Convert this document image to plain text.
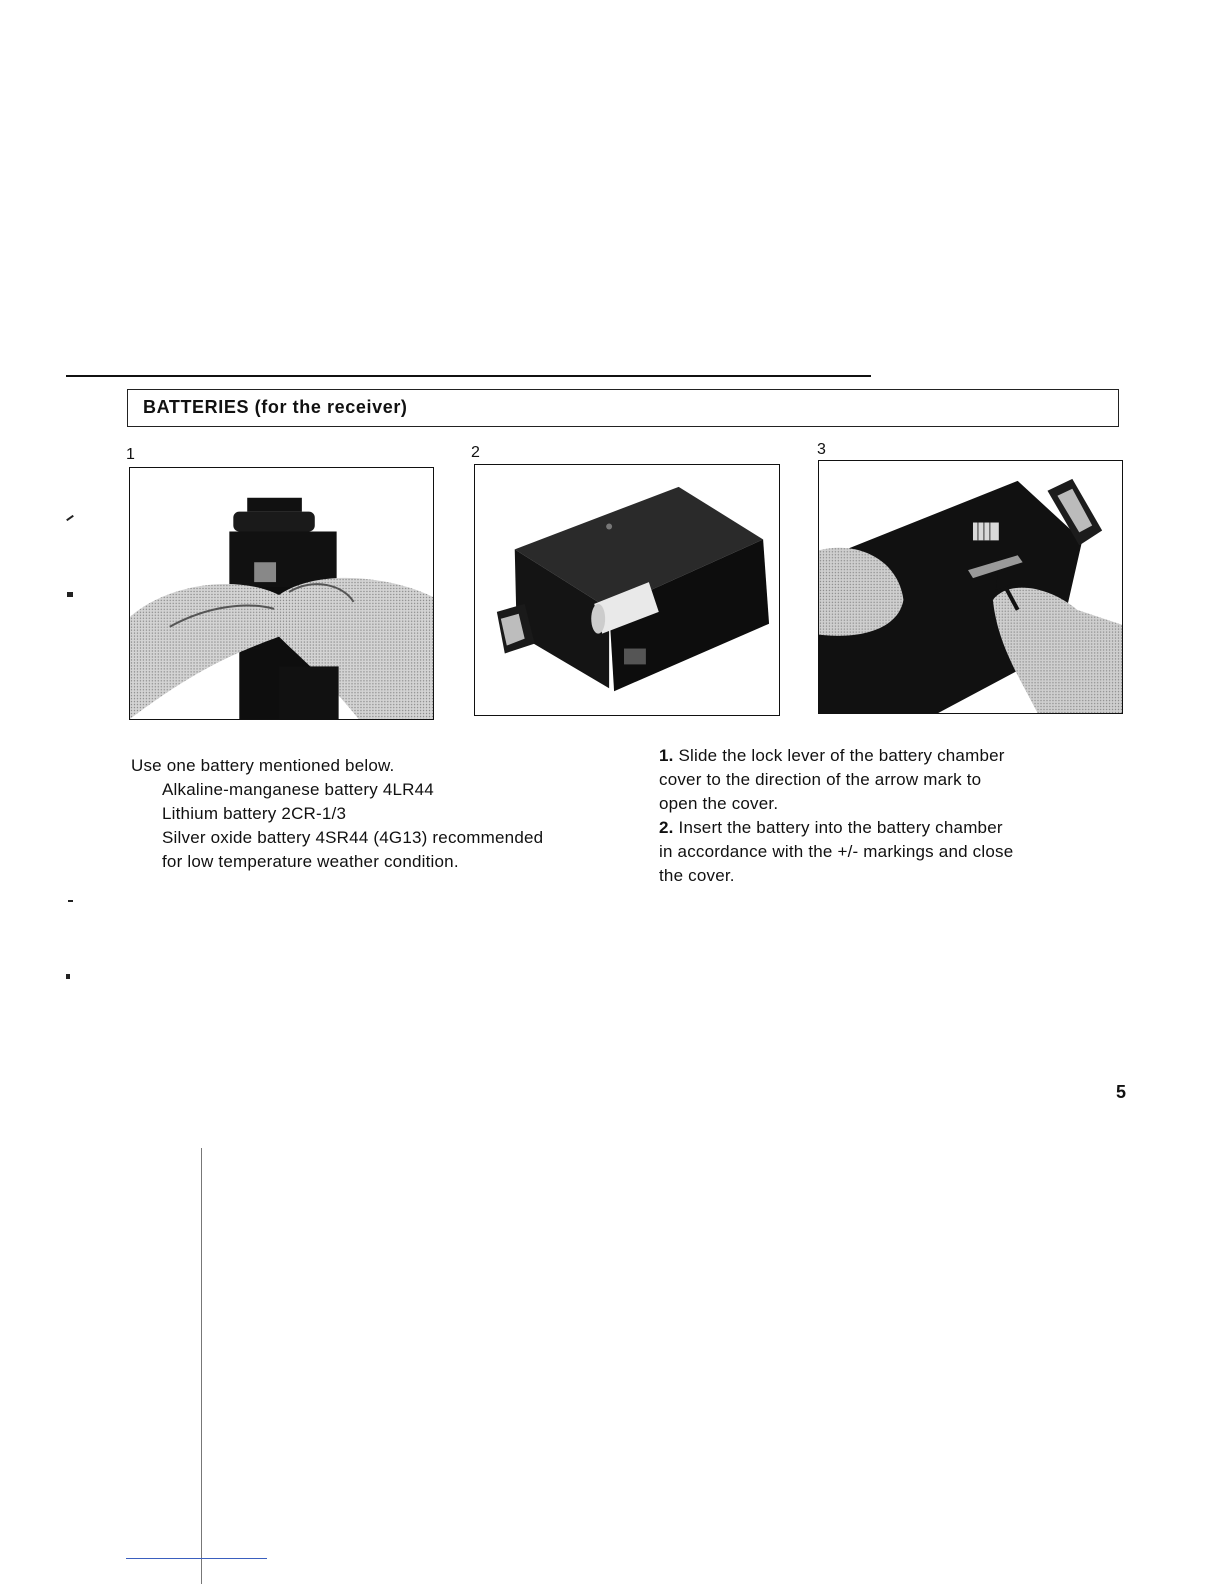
BATTERIES (for the receiver)
1	2	3
Use one battery mentioned below.
Alkaline-manganese battery 4LR44
Lithium battery 2CR-1/3
Silver oxide battery 4SR44 (4G13) recommended
for low temperature weather condition.
1. Slide the lock lever of the battery chamber
cover to the direction of the arrow mark to
open the cover.
2. Insert the battery into the battery chamber
in accordance with the +/- markings and close
the cover.
5
